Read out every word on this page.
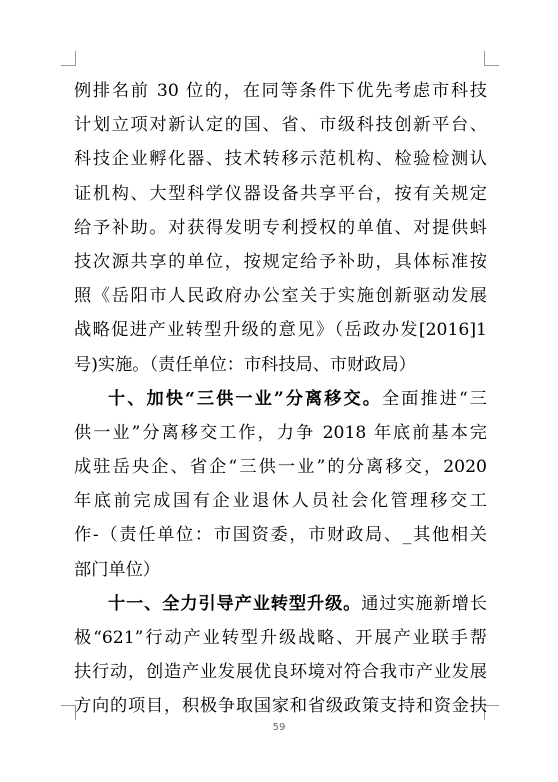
例排名前 30 位的，在同等条件下优先考虑市科技
计划立项对新认定的国、省、市级科技创新平台、
科技企业孵化器、技术转移示范机构、检验检测认
证机构、大型科学仪器设备共享平台，按有关规定
给予补助。对获得发明专利授权的单值、对提供蚪
技次源共享的单位，按规定给予补助，具体标准按
照《岳阳市人民政府办公室关于实施创新驱动发展
战略促进产业转型升级的意见》（岳政办发[2016]1
号)实施。（责任单位：市科技局、市财政局）
十、加快“三供一业”分离移交。全面推进“三
供一业”分离移交工作，力争 2018 年底前基本完
成驻岳央企、省企“三供一业”的分离移交，2020
年底前完成国有企业退休人员社会化管理移交工
作-（责任单位：市国资委，市财政局、_其他相关
部门单位）
十一、全力引导产业转型升级。通过实施新增长
极“621”行动产业转型升级战略、开展产业联手帮
扶行动，创造产业发展优良环境对符合我市产业发展
方向的项目，积极争取国家和省级政策支持和资金扶
59
